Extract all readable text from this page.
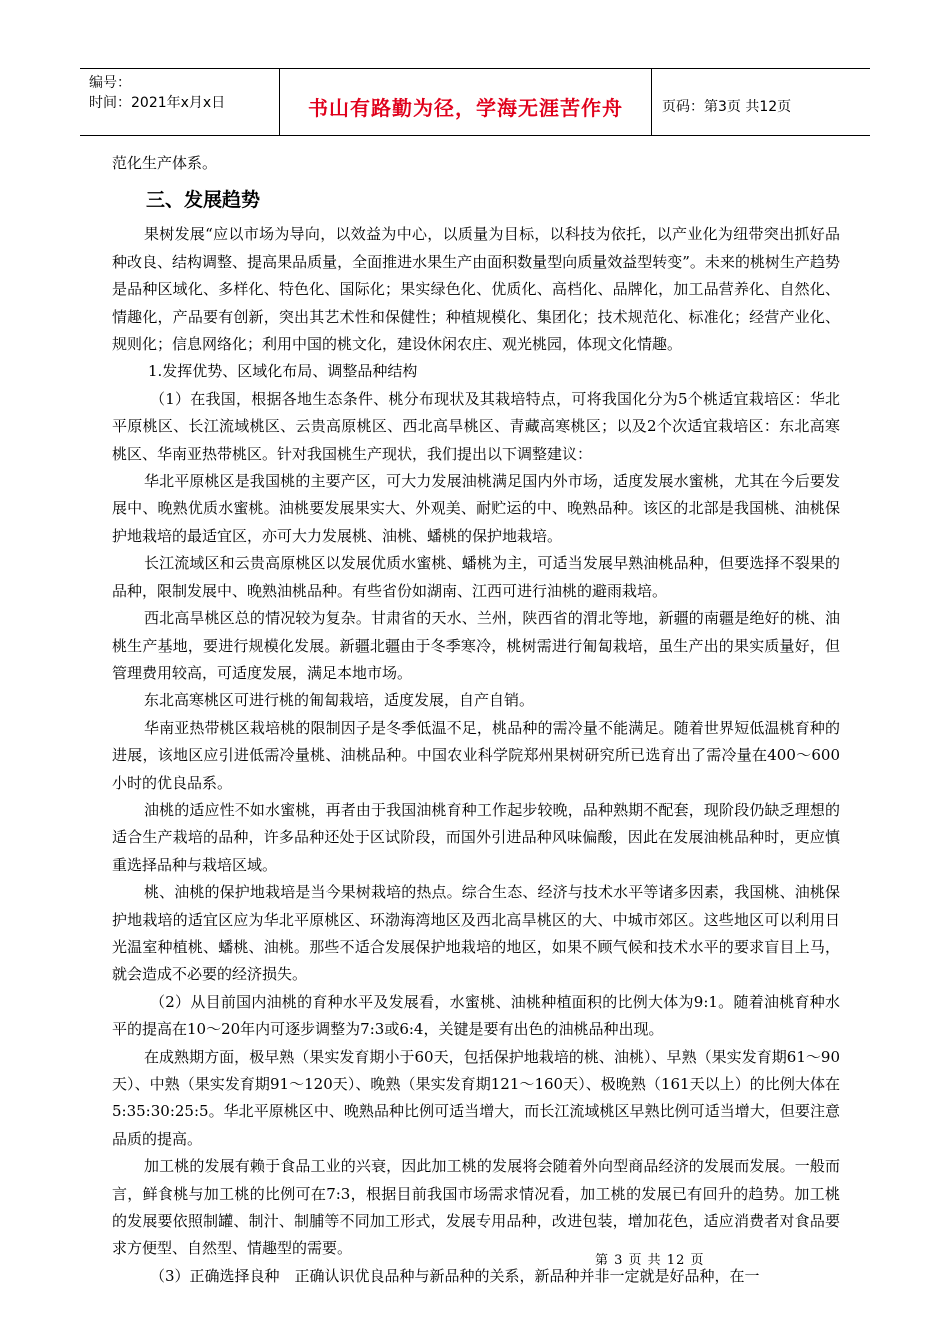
编号：
时间：2021年x月x日	书山有路勤为径，学海无涯苦作舟	页码：第3页 共12页

范化生产体系。

三、发展趋势

果树发展“应以市场为导向，以效益为中心，以质量为目标，以科技为依托，以产业化为纽带突出抓好品种改良、结构调整、提高果品质量，全面推进水果生产由面积数量型向质量效益型转变”。未来的桃树生产趋势是品种区域化、多样化、特色化、国际化；果实绿色化、优质化、高档化、品牌化，加工品营养化、自然化、情趣化，产品要有创新，突出其艺术性和保健性；种植规模化、集团化；技术规范化、标准化；经营产业化、规则化；信息网络化；利用中国的桃文化，建设休闲农庄、观光桃园，体现文化情趣。

1.发挥优势、区域化布局、调整品种结构

（1）在我国，根据各地生态条件、桃分布现状及其栽培特点，可将我国化分为5个桃适宜栽培区：华北平原桃区、长江流域桃区、云贵高原桃区、西北高旱桃区、青藏高寒桃区；以及2个次适宜栽培区：东北高寒桃区、华南亚热带桃区。针对我国桃生产现状，我们提出以下调整建议：

华北平原桃区是我国桃的主要产区，可大力发展油桃满足国内外市场，适度发展水蜜桃，尤其在今后要发展中、晚熟优质水蜜桃。油桃要发展果实大、外观美、耐贮运的中、晚熟品种。该区的北部是我国桃、油桃保护地栽培的最适宜区，亦可大力发展桃、油桃、蟠桃的保护地栽培。

长江流域区和云贵高原桃区以发展优质水蜜桃、蟠桃为主，可适当发展早熟油桃品种，但要选择不裂果的品种，限制发展中、晚熟油桃品种。有些省份如湖南、江西可进行油桃的避雨栽培。

西北高旱桃区总的情况较为复杂。甘肃省的天水、兰州，陕西省的渭北等地，新疆的南疆是绝好的桃、油桃生产基地，要进行规模化发展。新疆北疆由于冬季寒冷，桃树需进行匍匐栽培，虽生产出的果实质量好，但管理费用较高，可适度发展，满足本地市场。

东北高寒桃区可进行桃的匍匐栽培，适度发展，自产自销。

华南亚热带桃区栽培桃的限制因子是冬季低温不足，桃品种的需冷量不能满足。随着世界短低温桃育种的进展，该地区应引进低需冷量桃、油桃品种。中国农业科学院郑州果树研究所已选育出了需冷量在400～600小时的优良品系。

油桃的适应性不如水蜜桃，再者由于我国油桃育种工作起步较晚，品种熟期不配套，现阶段仍缺乏理想的适合生产栽培的品种，许多品种还处于区试阶段，而国外引进品种风味偏酸，因此在发展油桃品种时，更应慎重选择品种与栽培区域。

桃、油桃的保护地栽培是当今果树栽培的热点。综合生态、经济与技术水平等诸多因素，我国桃、油桃保护地栽培的适宜区应为华北平原桃区、环渤海湾地区及西北高旱桃区的大、中城市郊区。这些地区可以利用日光温室种植桃、蟠桃、油桃。那些不适合发展保护地栽培的地区，如果不顾气候和技术水平的要求盲目上马，就会造成不必要的经济损失。

（2）从目前国内油桃的育种水平及发展看，水蜜桃、油桃种植面积的比例大体为9:1。随着油桃育种水平的提高在10～20年内可逐步调整为7:3或6:4，关键是要有出色的油桃品种出现。

在成熟期方面，极早熟（果实发育期小于60天，包括保护地栽培的桃、油桃）、早熟（果实发育期61～90天）、中熟（果实发育期91～120天）、晚熟（果实发育期121～160天）、极晚熟（161天以上）的比例大体在5:35:30:25:5。华北平原桃区中、晚熟品种比例可适当增大，而长江流域桃区早熟比例可适当增大，但要注意品质的提高。

加工桃的发展有赖于食品工业的兴衰，因此加工桃的发展将会随着外向型商品经济的发展而发展。一般而言，鲜食桃与加工桃的比例可在7:3，根据目前我国市场需求情况看，加工桃的发展已有回升的趋势。加工桃的发展要依照制罐、制汁、制脯等不同加工形式，发展专用品种，改进包装，增加花色，适应消费者对食品要求方便型、自然型、情趣型的需要。

（3）正确选择良种　正确认识优良品种与新品种的关系，新品种并非一定就是好品种，在一

第 3 页 共 12 页
